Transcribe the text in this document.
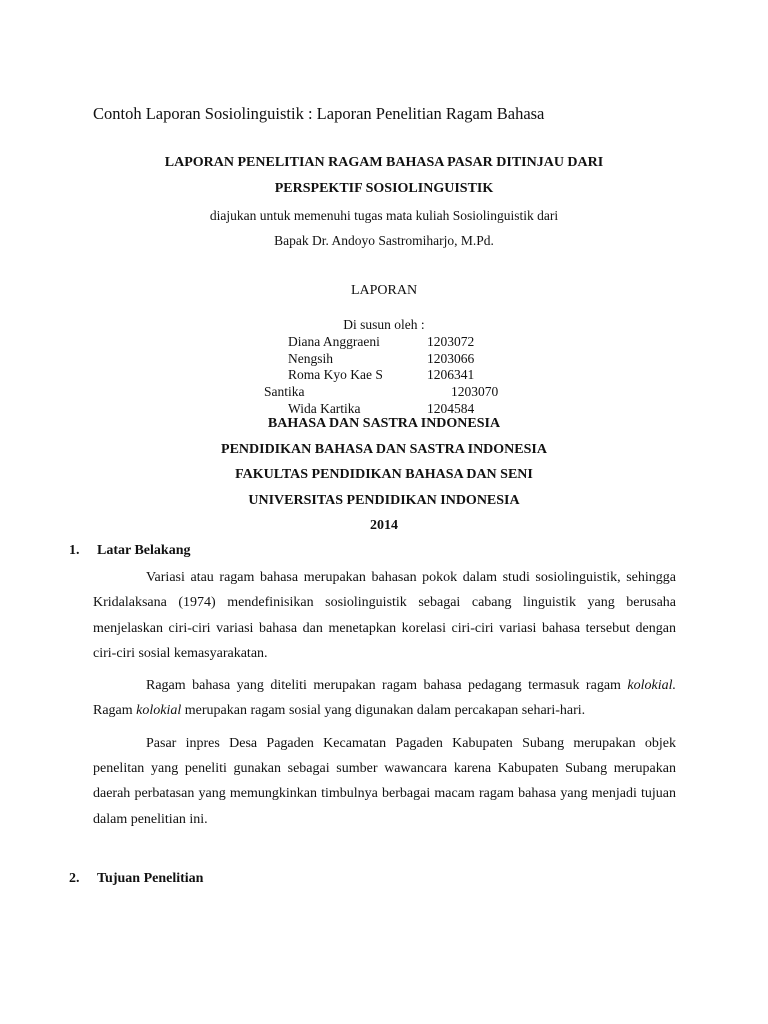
Contoh Laporan Sosiolinguistik : Laporan Penelitian Ragam Bahasa
LAPORAN PENELITIAN RAGAM BAHASA PASAR DITINJAU DARI
PERSPEKTIF SOSIOLINGUISTIK
diajukan untuk memenuhi tugas mata kuliah Sosiolinguistik dari
Bapak Dr. Andoyo Sastromiharjo, M.Pd.
LAPORAN
Di susun oleh :
Diana Anggraeni	1203072
Nengsih	1203066
Roma Kyo Kae S	1206341
Santika	1203070
Wida Kartika	1204584
BAHASA DAN SASTRA INDONESIA
PENDIDIKAN BAHASA DAN SASTRA INDONESIA
FAKULTAS PENDIDIKAN BAHASA DAN SENI
UNIVERSITAS PENDIDIKAN INDONESIA
2014
1. Latar Belakang

Variasi atau ragam bahasa merupakan bahasan pokok dalam studi sosiolinguistik, sehingga Kridalaksana (1974) mendefinisikan sosiolinguistik sebagai cabang linguistik yang berusaha menjelaskan ciri-ciri variasi bahasa dan menetapkan korelasi ciri-ciri variasi bahasa tersebut dengan ciri-ciri sosial kemasyarakatan.

Ragam bahasa yang diteliti merupakan ragam bahasa pedagang termasuk ragam kolokial. Ragam kolokial merupakan ragam sosial yang digunakan dalam percakapan sehari-hari.

Pasar inpres Desa Pagaden Kecamatan Pagaden Kabupaten Subang merupakan objek penelitan yang peneliti gunakan sebagai sumber wawancara karena Kabupaten Subang merupakan daerah perbatasan yang memungkinkan timbulnya berbagai macam ragam bahasa yang menjadi tujuan dalam penelitian ini.

2. Tujuan Penelitian
